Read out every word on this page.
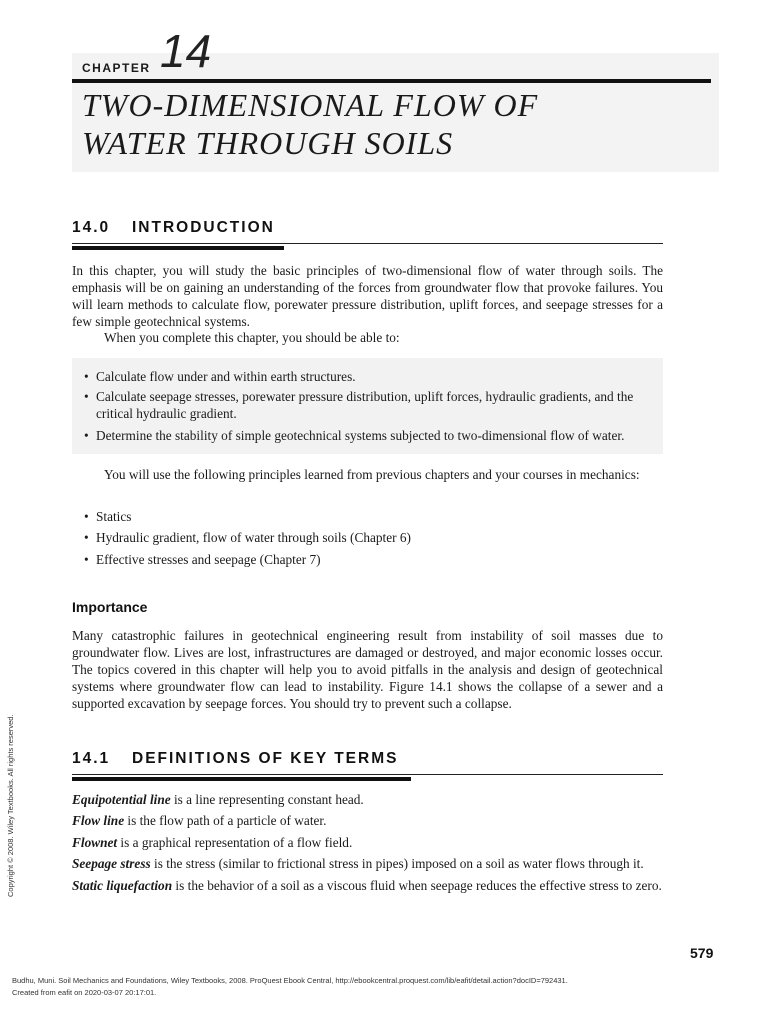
CHAPTER 14
TWO-DIMENSIONAL FLOW OF
WATER THROUGH SOILS
14.0 INTRODUCTION

In this chapter, you will study the basic principles of two-dimensional flow of water through soils. The emphasis will be on gaining an understanding of the forces from groundwater flow that provoke failures. You will learn methods to calculate flow, porewater pressure distribution, uplift forces, and seepage stresses for a few simple geotechnical systems.

When you complete this chapter, you should be able to:

• Calculate flow under and within earth structures.

• Calculate seepage stresses, porewater pressure distribution, uplift forces, hydraulic gradients, and the critical hydraulic gradient.

• Determine the stability of simple geotechnical systems subjected to two-dimensional flow of water.

You will use the following principles learned from previous chapters and your courses in mechanics:

• Statics

• Hydraulic gradient, flow of water through soils (Chapter 6)

• Effective stresses and seepage (Chapter 7)

Importance

Many catastrophic failures in geotechnical engineering result from instability of soil masses due to groundwater flow. Lives are lost, infrastructures are damaged or destroyed, and major economic losses occur. The topics covered in this chapter will help you to avoid pitfalls in the analysis and design of geotechnical systems where groundwater flow can lead to instability. Figure 14.1 shows the collapse of a sewer and a supported excavation by seepage forces. You should try to prevent such a collapse.

14.1 DEFINITIONS OF KEY TERMS

Equipotential line is a line representing constant head.

Flow line is the flow path of a particle of water.

Flownet is a graphical representation of a flow field.

Seepage stress is the stress (similar to frictional stress in pipes) imposed on a soil as water flows through it.

Static liquefaction is the behavior of a soil as a viscous fluid when seepage reduces the effective stress to zero.

Copyright © 2008. Wiley Textbooks. All rights reserved.
579
Budhu, Muni. Soil Mechanics and Foundations, Wiley Textbooks, 2008. ProQuest Ebook Central, http://ebookcentral.proquest.com/lib/eafit/detail.action?docID=792431.
Created from eafit on 2020-03-07 20:17:01.
